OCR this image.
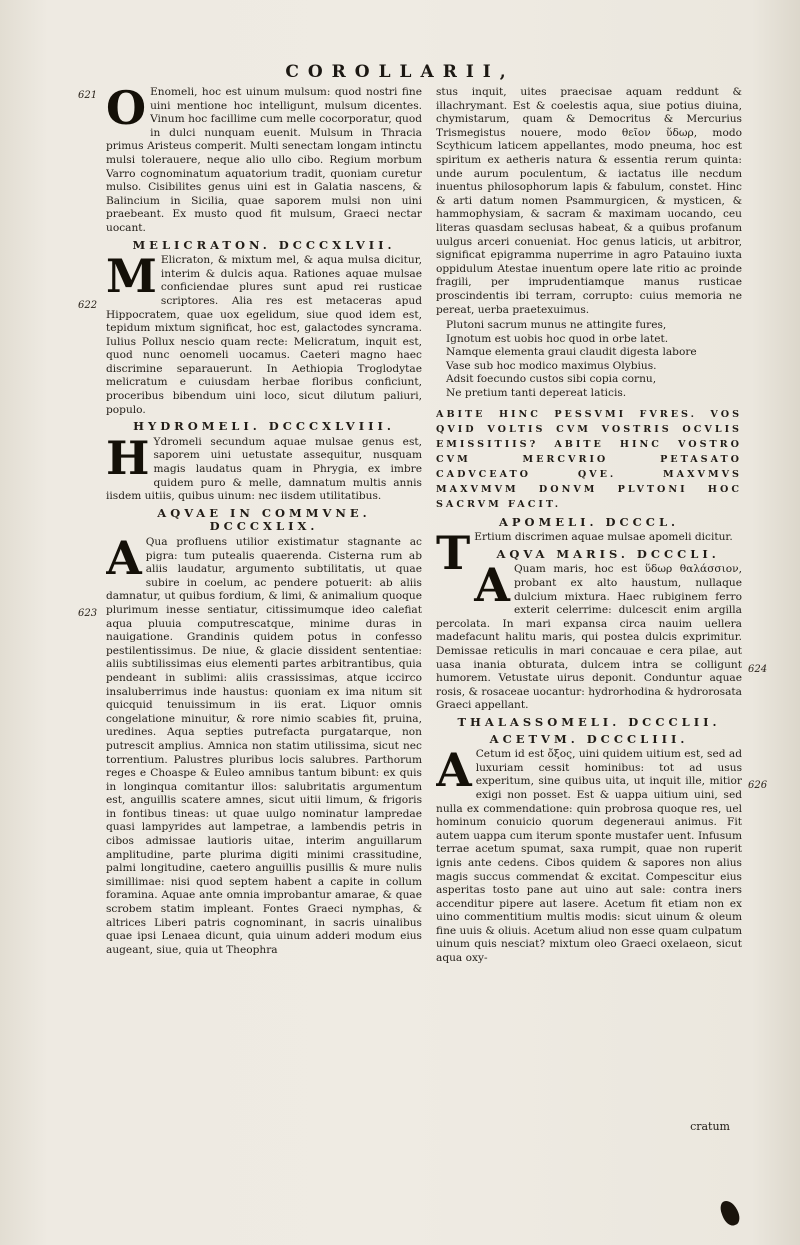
COROLLARII,
621
622
623
624
626

O Enomeli, hoc est uinum mulsum: quod nostri fine uini mentione hoc intelligunt, mulsum dicentes. Vinum hoc facillime cum melle cocorporatur, quod in dulci nunquam euenit. Mulsum in Thracia primus Aristeus comperit. Multi senectam longam intinctu mulsi tolerauere, neque alio ullo cibo. Regium morbum Varro cognominatum aquatorium tradit, quoniam curetur mulso. Cisibilites genus uini est in Galatia nascens, & Balincium in Sicilia, quae saporem mulsi non uini praebeant. Ex musto quod fit mulsum, Graeci nectar uocant.

MELICRATON. DCCCXLVII.

M Elicraton, & mixtum mel, & aqua mulsa dicitur, interim & dulcis aqua. Rationes aquae mulsae conficiendae plures sunt apud rei rusticae scriptores. Alia res est metaceras apud Hippocratem, quae uox egelidum, siue quod idem est, tepidum mixtum significat, hoc est, galactodes syncrama. Iulius Pollux nescio quam recte: Melicratum, inquit est, quod nunc oenomeli uocamus. Caeteri magno haec discrimine separauerunt. In Aethiopia Troglodytae melicratum e cuiusdam herbae floribus conficiunt, proceribus bibendum uini loco, sicut dilutum paliuri, populo.

HYDROMELI. DCCCXLVIII.

H Ydromeli secundum aquae mulsae genus est, saporem uini uetustate assequitur, nusquam magis laudatus quam in Phrygia, ex imbre quidem puro & melle, damnatum multis annis iisdem uitiis, quibus uinum: nec iisdem utilitatibus.

AQVAE IN COMMVNE. DCCCXLIX.

A Qua profluens utilior existimatur stagnante ac pigra: tum putealis quaerenda. Cisterna rum ab aliis laudatur, argumento subtilitatis, ut quae subire in coelum, ac pendere potuerit: ab aliis damnatur, ut quibus fordium, & limi, & animalium quoque plurimum inesse sentiatur, citissimumque ideo calefiat aqua pluuia computrescatque, minime duras in nauigatione. Grandinis quidem potus in confesso pestilentissimus. De niue, & glacie dissident sententiae: aliis subtilissimas eius elementi partes arbitrantibus, quia pendeant in sublimi: aliis crassissimas, atque iccirco insaluberrimus inde haustus: quoniam ex ima nitum sit quicquid tenuissimum in iis erat. Liquor omnis congelatione minuitur, & rore nimio scabies fit, pruina, uredines. Aqua septies putrefacta purgatarque, non putrescit amplius. Amnica non statim utilissima, sicut nec torrentium. Palustres pluribus locis salubres. Parthorum reges e Choaspe & Euleo amnibus tantum bibunt: ex quis in longinqua comitantur illos: salubritatis argumentum est, anguillis scatere amnes, sicut uitii limum, & frigoris in fontibus tineas: ut quae uulgo nominatur lampredae quasi lampyrides aut lampetrae, a lambendis petris in cibos admissae lautioris uitae, interim anguillarum amplitudine, parte plurima digiti minimi crassitudine, palmi longitudine, caetero anguillis pusillis & mure nulis simillimae: nisi quod septem habent a capite in collum foramina. Aquae ante omnia improbantur amarae, & quae scrobem statim impleant. Fontes Graeci nymphas, & altrices Liberi patris cognominant, in sacris uinalibus quae ipsi Lenaea dicunt, quia uinum adderi modum eius augeant, siue, quia ut Theophra

stus inquit, uites praecisae aquam reddunt & illachrymant. Est & coelestis aqua, siue potius diuina, chymistarum, quam & Democritus & Mercurius Trismegistus nouere, modo θεῖον ὕδωρ, modo Scythicum laticem appellantes, modo pneuma, hoc est spiritum ex aetheris natura & essentia rerum quinta: unde aurum poculentum, & iactatus ille necdum inuentus philosophorum lapis & fabulum, constet. Hinc & arti datum nomen Psammurgicen, & mysticen, & hammophysiam, & sacram & maximam uocando, ceu literas quasdam seclusas habeat, & a quibus profanum uulgus arceri conueniat. Hoc genus laticis, ut arbitror, significat epigramma nuperrime in agro Patauino iuxta oppidulum Atestae inuentum opere late ritio ac proinde fragili, per imprudentiamque manus rusticae proscindentis ibi terram, corrupto: cuius memoria ne pereat, uerba praetexuimus.

Plutoni sacrum munus ne attingite fures,
Ignotum est uobis hoc quod in orbe latet.
Namque elementa graui claudit digesta labore
Vase sub hoc modico maximus Olybius.
Adsit foecundo custos sibi copia cornu,
Ne pretium tanti depereat laticis.
ABITE HINC PESSVMI FVRES. VOS QVID VOLTIS CVM VOSTRIS OCVLIS EMISSITIIS? ABITE HINC VOSTRO CVM MERCVRIO PETASATO CADVCEATO QVE. MAXVMVS MAXVMVM DONVM PLVTONI HOC SACRVM FACIT.
APOMELI. DCCCL.

T Ertium discrimen aquae mulsae apomeli dicitur.

AQVA MARIS. DCCCLI.

A Quam maris, hoc est ὕδωρ θαλάσσιον, probant ex alto haustum, nullaque dulcium mixtura. Haec rubiginem ferro exterit celerrime: dulcescit enim argilla percolata. In mari expansa circa nauim uellera madefacunt halitu maris, qui postea dulcis exprimitur. Demissae reticulis in mari concauae e cera pilae, aut uasa inania obturata, dulcem intra se colligunt humorem. Vetustate uirus deponit. Conduntur aquae rosis, & rosaceae uocantur: hydrorhodina & hydrorosata Graeci appellant.

THALASSOMELI. DCCCLII.
ACETVM. DCCCLIII.

A Cetum id est ὄξος, uini quidem uitium est, sed ad luxuriam cessit hominibus: tot ad usus experitum, sine quibus uita, ut inquit ille, mitior exigi non posset. Est & uappa uitium uini, sed nulla ex commendatione: quin probrosa quoque res, uel hominum conuicio quorum degeneraui animus. Fit autem uappa cum iterum sponte mustafer uent. Infusum terrae acetum spumat, saxa rumpit, quae non ruperit ignis ante cedens. Cibos quidem & sapores non alius magis succus commendat & excitat. Compescitur eius asperitas tosto pane aut uino aut sale: contra iners accenditur pipere aut lasere. Acetum fit etiam non ex uino commentitium multis modis: sicut uinum & oleum fine uuis & oliuis. Acetum aliud non esse quam culpatum uinum quis nesciat? mixtum oleo Graeci oxelaeon, sicut aqua oxy-

cratum
